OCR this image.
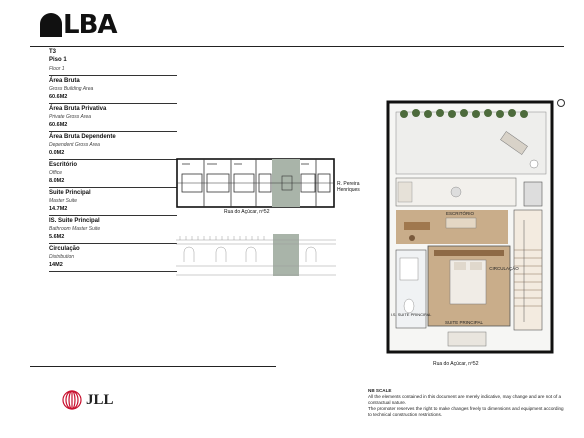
LBA
T3
Piso 1
Floor 1
Área Bruta
Gross Building Area
60.6M2
Área Bruta Privativa
Private Gross Area
60.6M2
Área Bruta Dependente
Dependent Gross Area
0.0M2
Escritório
Office
8.0M2
Suite Principal
Master Suite
14.7M2
IS. Suite Principal
Bathroom Master Suite
5.6M2
Circulação
Distribution
14M2
Rua do Açúcar, nº52
R. Pereira Henriques
ESCRITÓRIO
CIRCULAÇÃO
I.S. SUITE PRINCIPAL
SUITE PRINCIPAL
Rua do Açúcar, nº52
JLL
NB SCALE
All the elements contained in this document are merely indicative, may change and are not of a contractual nature.
The promoter reserves the right to make changes freely to dimensions and equipment according to technical construction restrictions.
